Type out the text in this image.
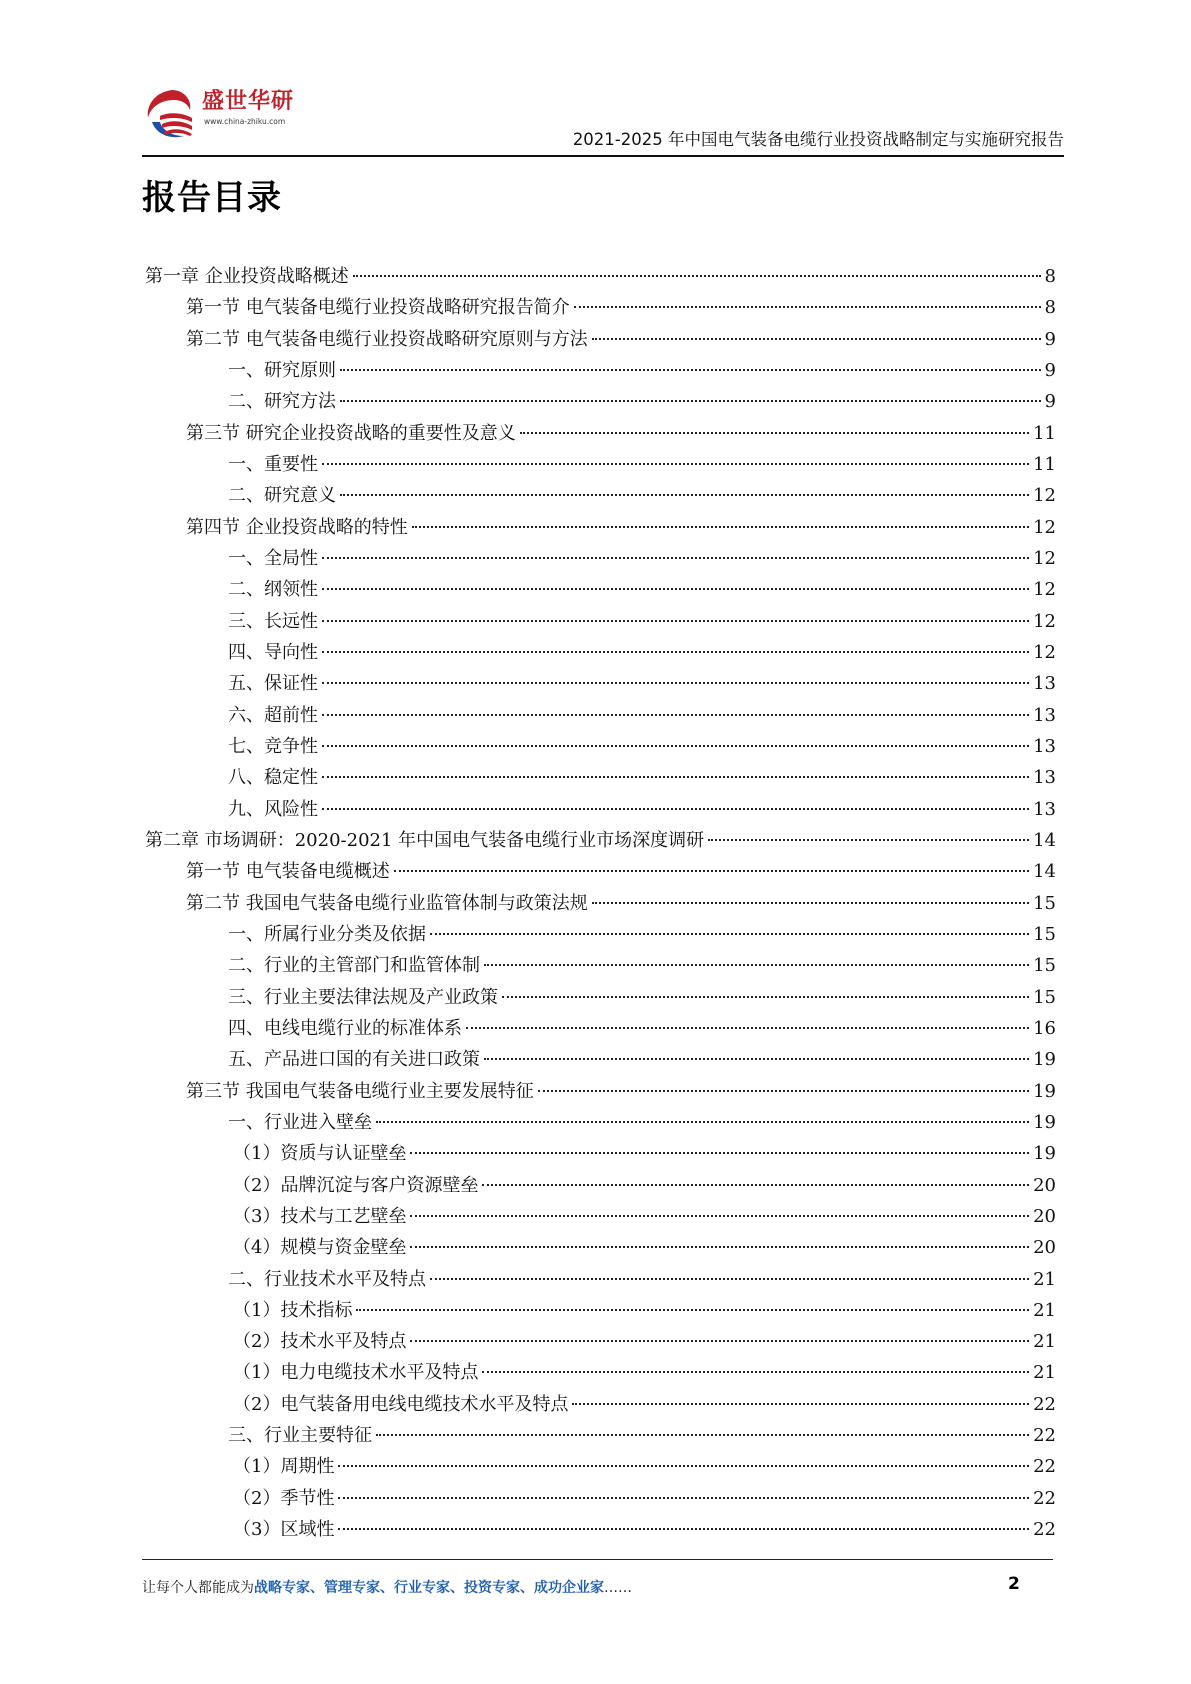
盛世华研
www.china-zhiku.com
2021-2025 年中国电气装备电缆行业投资战略制定与实施研究报告
报告目录
第一章 企业投资战略概述	8
第一节 电气装备电缆行业投资战略研究报告简介	8
第二节 电气装备电缆行业投资战略研究原则与方法	9
一、研究原则	9
二、研究方法	9
第三节 研究企业投资战略的重要性及意义	11
一、重要性	11
二、研究意义	12
第四节 企业投资战略的特性	12
一、全局性	12
二、纲领性	12
三、长远性	12
四、导向性	12
五、保证性	13
六、超前性	13
七、竞争性	13
八、稳定性	13
九、风险性	13
第二章 市场调研：2020-2021 年中国电气装备电缆行业市场深度调研	14
第一节 电气装备电缆概述	14
第二节 我国电气装备电缆行业监管体制与政策法规	15
一、所属行业分类及依据	15
二、行业的主管部门和监管体制	15
三、行业主要法律法规及产业政策	15
四、电线电缆行业的标准体系	16
五、产品进口国的有关进口政策	19
第三节 我国电气装备电缆行业主要发展特征	19
一、行业进入壁垒	19
（1）资质与认证壁垒	19
（2）品牌沉淀与客户资源壁垒	20
（3）技术与工艺壁垒	20
（4）规模与资金壁垒	20
二、行业技术水平及特点	21
（1）技术指标	21
（2）技术水平及特点	21
（1）电力电缆技术水平及特点	21
（2）电气装备用电线电缆技术水平及特点	22
三、行业主要特征	22
（1）周期性	22
（2）季节性	22
（3）区域性	22
让每个人都能成为战略专家、管理专家、行业专家、投资专家、成功企业家……	2
